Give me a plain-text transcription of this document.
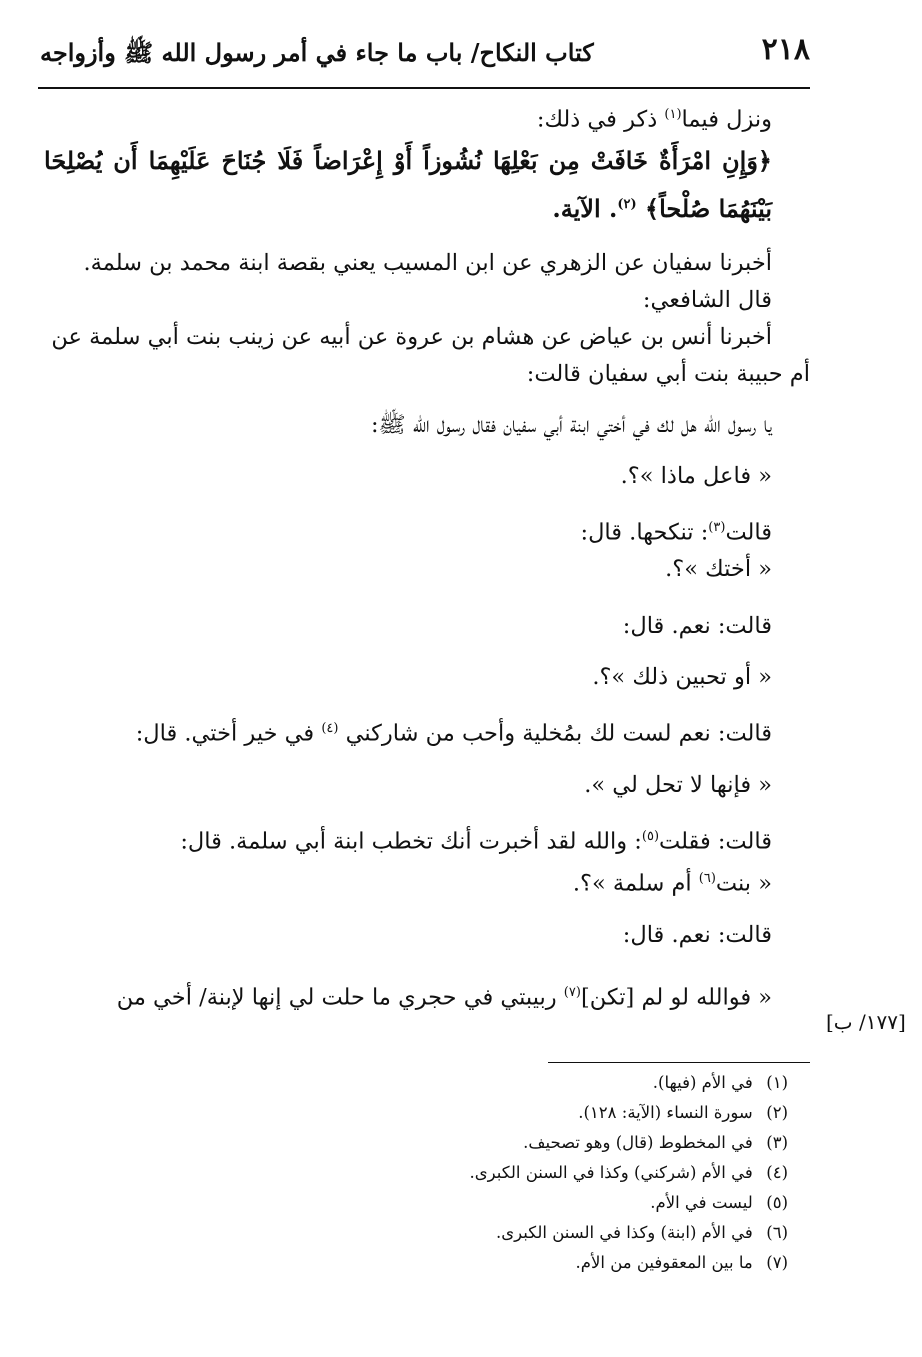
٢١٨
كتاب النكاح/ باب ما جاء في أمر رسول الله ﷺ وأزواجه

ونزل فيما$^{(١)}$ ذكر في ذلك:

﴿وَإِنِ امْرَأَةٌ خَافَتْ مِن بَعْلِهَا نُشُوزاً أَوْ إِعْرَاضاً فَلَا جُنَاحَ عَلَيْهِمَا أَن يُصْلِحَا بَيْنَهُمَا صُلْحاً﴾ $^{(٢)}$. الآية.

أخبرنا سفيان عن الزهري عن ابن المسيب يعني بقصة ابنة محمد بن سلمة.

قال الشافعي:

أخبرنا أنس بن عياض عن هشام بن عروة عن أبيه عن زينب بنت أبي سلمة عن

أم حبيبة بنت أبي سفيان قالت:

يا رسول الله هل لك في أختي ابنة أبي سفيان فقال رسول الله ﷺ:

« فاعل ماذا »؟.

قالت$^{(٣)}$: تنكحها. قال:

« أختك »؟.

قالت: نعم. قال:

« أو تحبين ذلك »؟.

قالت: نعم لست لك بمُخلية وأحب من شاركني $^{(٤)}$ في خير أختي. قال:

« فإنها لا تحل لي ».

قالت: فقلت$^{(٥)}$: والله لقد أخبرت أنك تخطب ابنة أبي سلمة. قال:

« بنت$^{(٦)}$ أم سلمة »؟.

قالت: نعم. قال:

« فوالله لو لم [تكن]$^{(٧)}$ ربيبتي في حجري ما حلت لي إنها لإبنة/ أخي من

[١٧٧/ ب]

(١) في الأم (فيها).

(٢) سورة النساء (الآية: ١٢٨).

(٣) في المخطوط (قال) وهو تصحيف.

(٤) في الأم (شركني) وكذا في السنن الكبرى.

(٥) ليست في الأم.

(٦) في الأم (ابنة) وكذا في السنن الكبرى.

(٧) ما بين المعقوفين من الأم.
